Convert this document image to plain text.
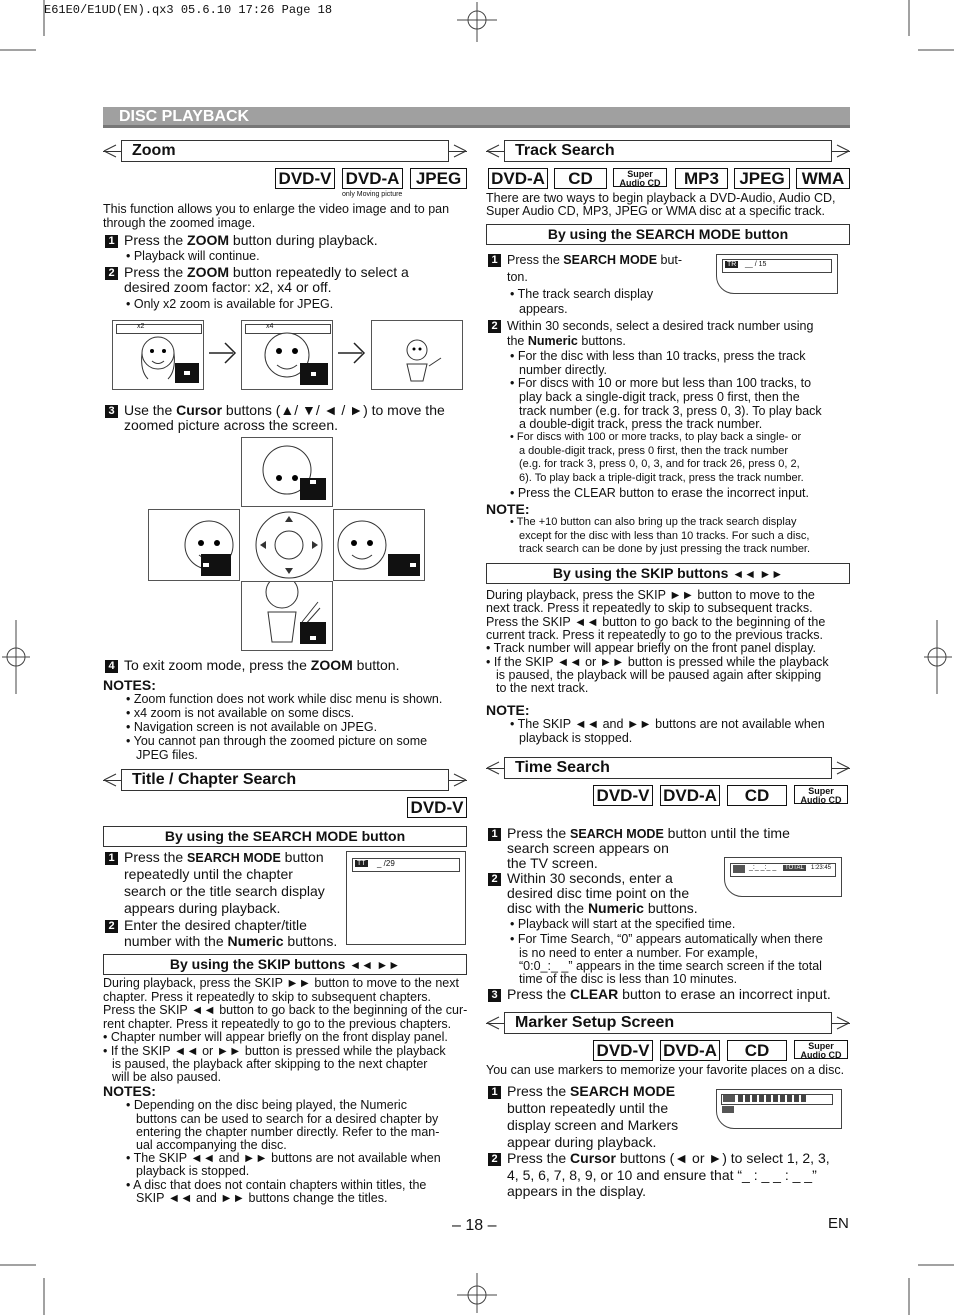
E61E0/E1UD(EN).qx3 05.6.10 17:26 Page 18
DISC PLAYBACK
Zoom
DVD-V DVD-A JPEG
only Moving picture
This function allows you to enlarge the video image and to pan through the zoomed image.
1 Press the ZOOM button during playback.
• Playback will continue.
2 Press the ZOOM button repeatedly to select a
desired zoom factor: x2, x4 or off.
• Only x2 zoom is available for JPEG.
x2	x4
3 Use the Cursor buttons (▲/ ▼/ ◄ / ►) to move the
zoomed picture across the screen.
4 To exit zoom mode, press the ZOOM button.
NOTES:
• Zoom function does not work while disc menu is shown.
• x4 zoom is not available on some discs.
• Navigation screen is not available on JPEG.
• You cannot pan through the zoomed picture on some
JPEG files.
Title / Chapter Search
DVD-V
By using the SEARCH MODE button
1 Press the SEARCH MODE button
repeatedly until the chapter
search or the title search display
appears during playback.
2 Enter the desired chapter/title
number with the Numeric buttons.
TT _ /29
By using the SKIP buttons ◄◄ ►►
During playback, press the SKIP ►► button to move to the next
chapter. Press it repeatedly to skip to subsequent chapters.
Press the SKIP ◄◄ button to go back to the beginning of the cur-
rent chapter. Press it repeatedly to go to the previous chapters.
• Chapter number will appear briefly on the front display panel.
• If the SKIP ◄◄ or ►► button is pressed while the playback
is paused, the playback after skipping to the next chapter
will be also paused.
NOTES:
• Depending on the disc being played, the Numeric
buttons can be used to search for a desired chapter by
entering the chapter number directly. Refer to the man-
ual accompanying the disc.
• The SKIP ◄◄ and ►► buttons are not available when
playback is stopped.
• A disc that does not contain chapters within titles, the
SKIP ◄◄ and ►► buttons change the titles.
Track Search
DVD-A	CD	Super Audio CD	MP3	JPEG	WMA
There are two ways to begin playback a DVD-Audio, Audio CD,
Super Audio CD, MP3, JPEG or WMA disc at a specific track.
By using the SEARCH MODE button
1 Press the SEARCH MODE but-
ton.
• The track search display
appears.
TR __ / 15
2 Within 30 seconds, select a desired track number using
the Numeric buttons.
• For the disc with less than 10 tracks, press the track
number directly.
• For discs with 10 or more but less than 100 tracks, to
play back a single-digit track, press 0 first, then the
track number (e.g. for track 3, press 0, 3). To play back
a double-digit track, press the track number.
• For discs with 100 or more tracks, to play back a single- or
a double-digit track, press 0 first, then the track number
(e.g. for track 3, press 0, 0, 3, and for track 26, press 0, 2,
6). To play back a triple-digit track, press the track number.
• Press the CLEAR button to erase the incorrect input.
NOTE:
• The +10 button can also bring up the track search display
except for the disc with less than 10 tracks. For such a disc,
track search can be done by just pressing the track number.
By using the SKIP buttons ◄◄ ►►
During playback, press the SKIP ►► button to move to the
next track. Press it repeatedly to skip to subsequent tracks.
Press the SKIP ◄◄ button to go back to the beginning of the
current track. Press it repeatedly to go to the previous tracks.
• Track number will appear briefly on the front panel display.
• If the SKIP ◄◄ or ►► button is pressed while the playback
is paused, the playback will be paused again after skipping
to the next track.
NOTE:
• The SKIP ◄◄ and ►► buttons are not available when
playback is stopped.
Time Search
DVD-V DVD-A	CD	Super Audio CD
1 Press the SEARCH MODE button until the time
search screen appears on
the TV screen.
2 Within 30 seconds, enter a
desired disc time point on the
disc with the Numeric buttons.
_:_ _:_ _	TOTAL	1:23:45
• Playback will start at the specified time.
• For Time Search, “0” appears automatically when there
is no need to enter a number. For example,
“0:0_:_ _” appears in the time search screen if the total
time of the disc is less than 10 minutes.
3 Press the CLEAR button to erase an incorrect input.
Marker Setup Screen
DVD-V DVD-A	CD	Super Audio CD
You can use markers to memorize your favorite places on a disc.
1 Press the SEARCH MODE
button repeatedly until the
display screen and Markers
appear during playback.
2 Press the Cursor buttons (◄ or ►) to select 1, 2, 3,
4, 5, 6, 7, 8, 9, or 10 and ensure that “_ : _ _ : _ _”
appears in the display.
– 18 –	EN
